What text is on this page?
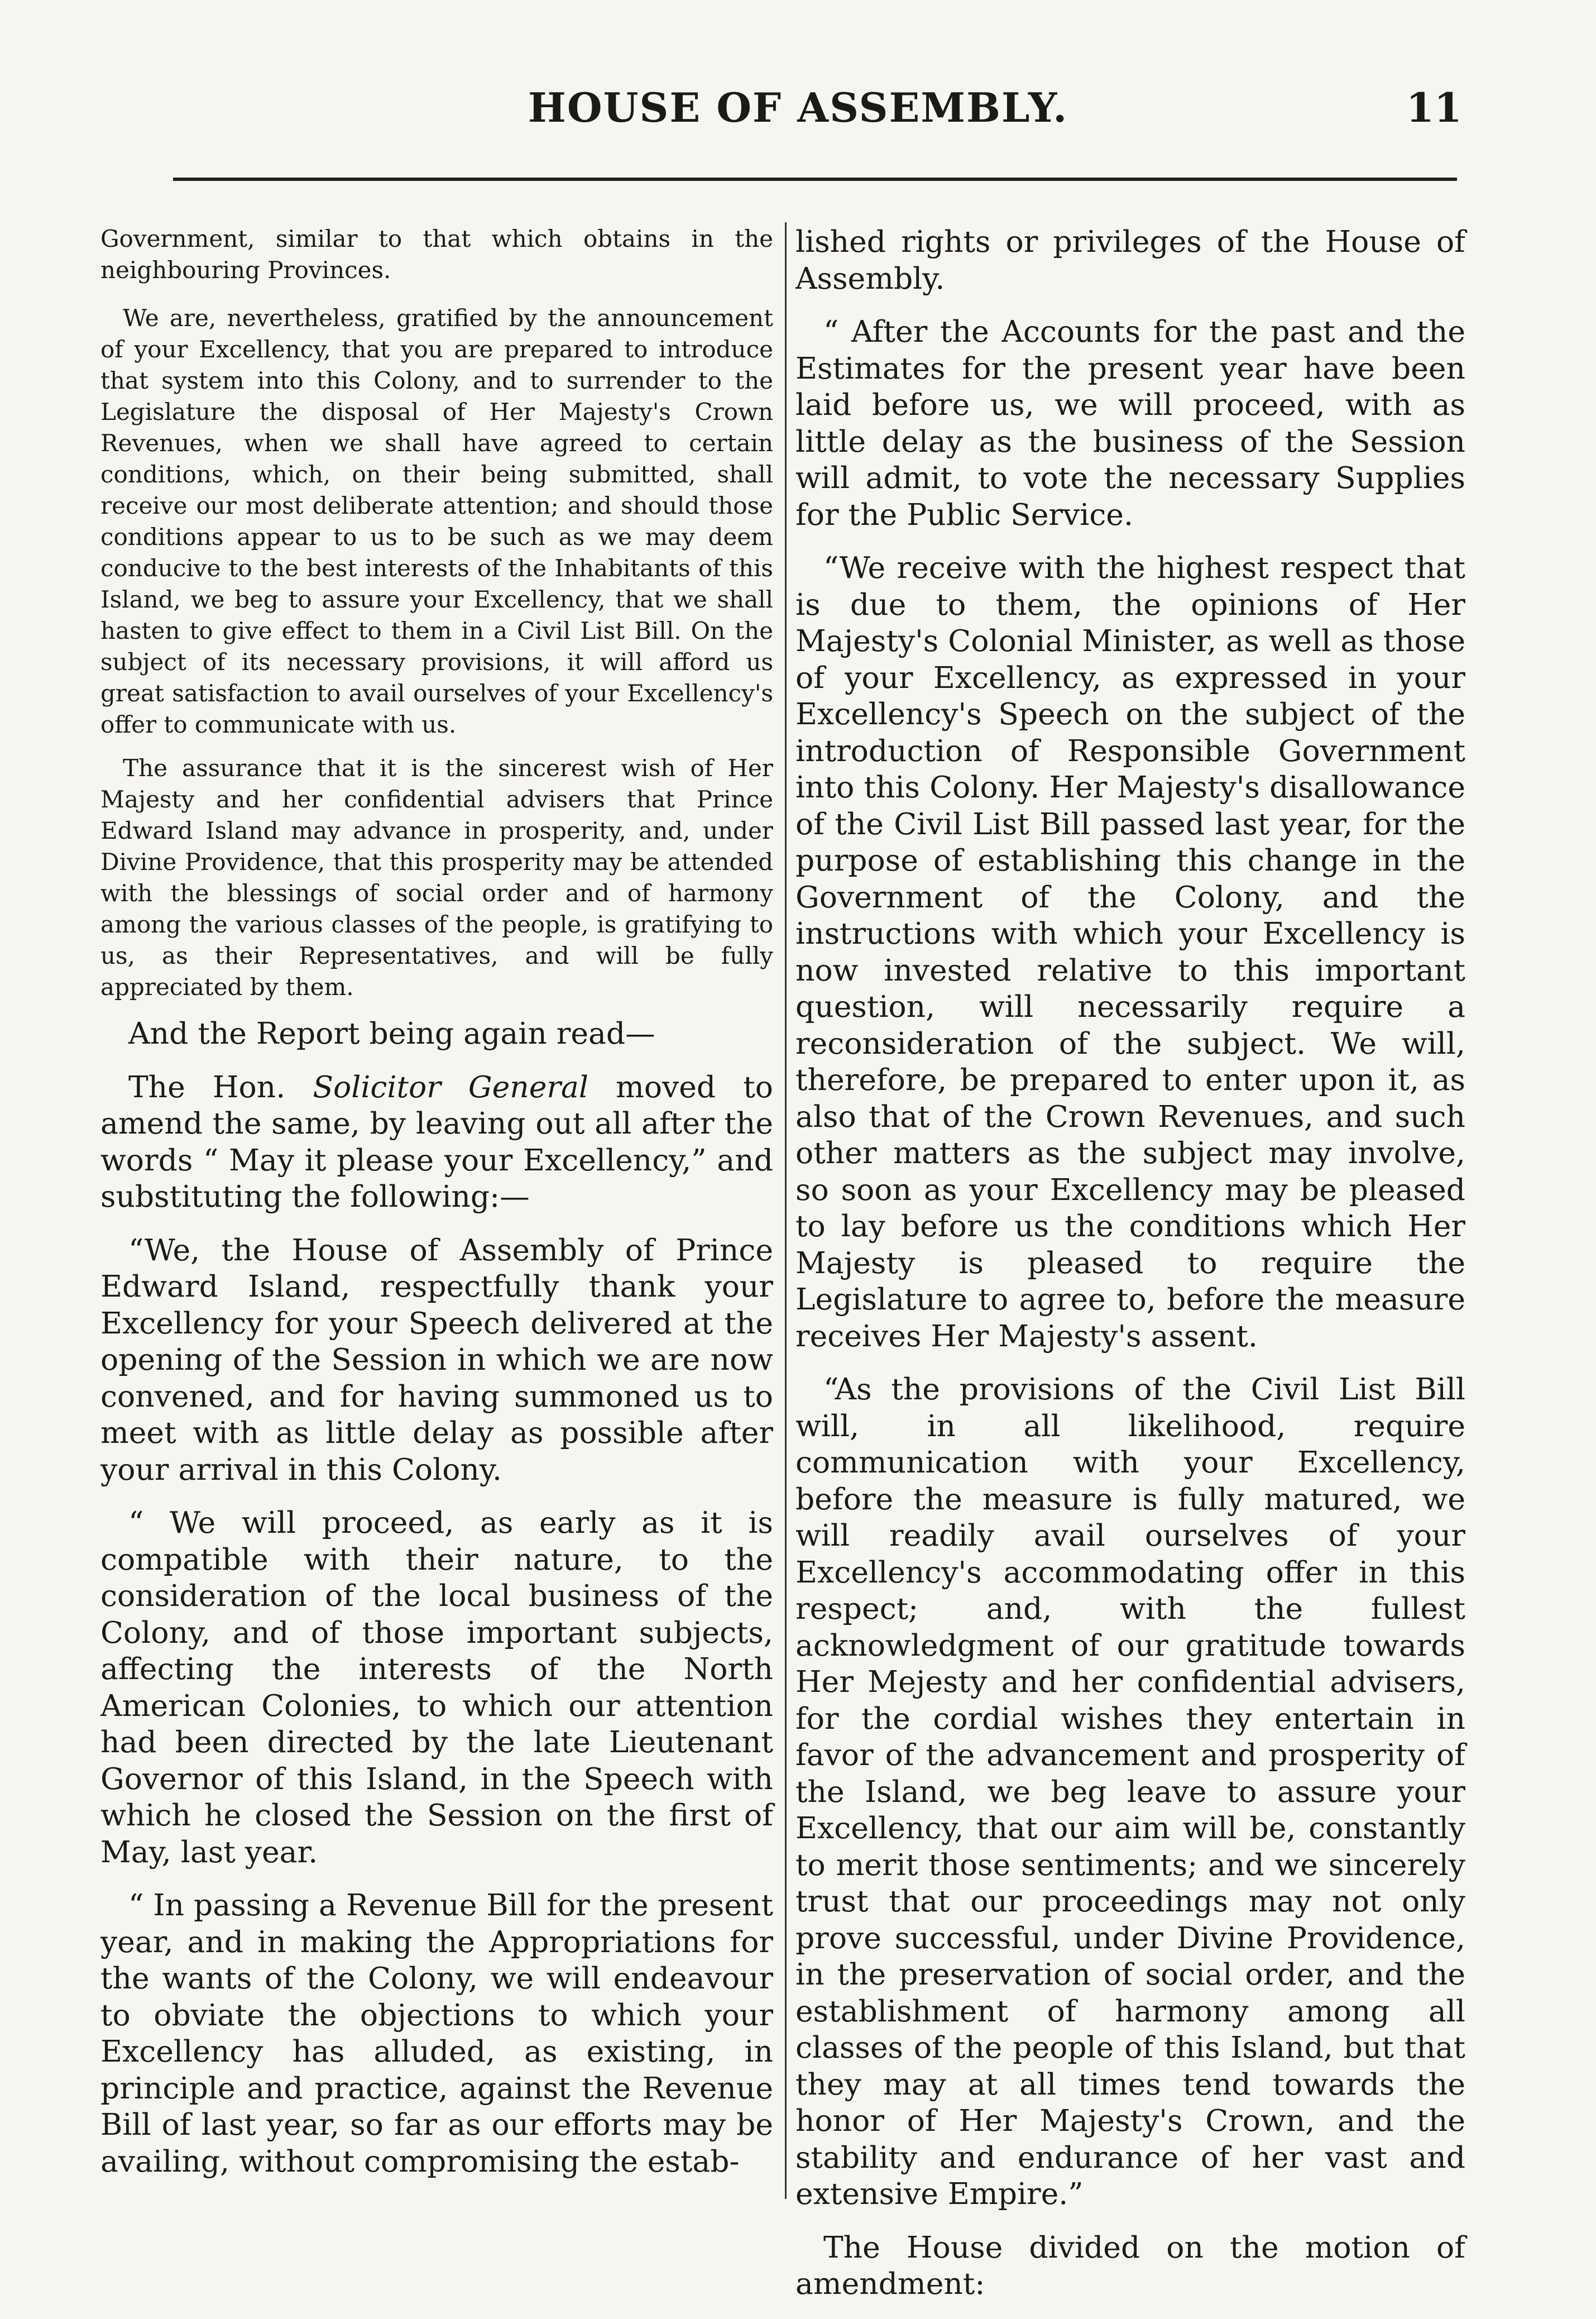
HOUSE OF ASSEMBLY.	11

Government, similar to that which obtains in the neighbouring Provinces.

We are, nevertheless, gratified by the announcement of your Excellency, that you are prepared to introduce that system into this Colony, and to surrender to the Legislature the disposal of Her Majesty's Crown Revenues, when we shall have agreed to certain conditions, which, on their being submitted, shall receive our most deliberate attention; and should those conditions appear to us to be such as we may deem conducive to the best interests of the Inhabitants of this Island, we beg to assure your Excellency, that we shall hasten to give effect to them in a Civil List Bill. On the subject of its necessary provisions, it will afford us great satisfaction to avail ourselves of your Excellency's offer to communicate with us.

The assurance that it is the sincerest wish of Her Majesty and her confidential advisers that Prince Edward Island may advance in prosperity, and, under Divine Providence, that this prosperity may be attended with the blessings of social order and of harmony among the various classes of the people, is gratifying to us, as their Representatives, and will be fully appreciated by them.

And the Report being again read—

The Hon. Solicitor General moved to amend the same, by leaving out all after the words “ May it please your Excellency,” and substituting the following:—

“We, the House of Assembly of Prince Edward Island, respectfully thank your Excellency for your Speech delivered at the opening of the Session in which we are now convened, and for having summoned us to meet with as little delay as possible after your arrival in this Colony.

“ We will proceed, as early as it is compatible with their nature, to the consideration of the local business of the Colony, and of those important subjects, affecting the interests of the North American Colonies, to which our attention had been directed by the late Lieutenant Governor of this Island, in the Speech with which he closed the Session on the first of May, last year.

“ In passing a Revenue Bill for the present year, and in making the Appropriations for the wants of the Colony, we will endeavour to obviate the objections to which your Excellency has alluded, as existing, in principle and practice, against the Revenue Bill of last year, so far as our efforts may be availing, without compromising the estab-

lished rights or privileges of the House of Assembly.

“ After the Accounts for the past and the Estimates for the present year have been laid before us, we will proceed, with as little delay as the business of the Session will admit, to vote the necessary Supplies for the Public Service.

“We receive with the highest respect that is due to them, the opinions of Her Majesty's Colonial Minister, as well as those of your Excellency, as expressed in your Excellency's Speech on the subject of the introduction of Responsible Government into this Colony. Her Majesty's disallowance of the Civil List Bill passed last year, for the purpose of establishing this change in the Government of the Colony, and the instructions with which your Excellency is now invested relative to this important question, will necessarily require a reconsideration of the subject. We will, therefore, be prepared to enter upon it, as also that of the Crown Revenues, and such other matters as the subject may involve, so soon as your Excellency may be pleased to lay before us the conditions which Her Majesty is pleased to require the Legislature to agree to, before the measure receives Her Majesty's assent.

“As the provisions of the Civil List Bill will, in all likelihood, require communication with your Excellency, before the measure is fully matured, we will readily avail ourselves of your Excellency's accommodating offer in this respect; and, with the fullest acknowledgment of our gratitude towards Her Mejesty and her confidential advisers, for the cordial wishes they entertain in favor of the advancement and prosperity of the Island, we beg leave to assure your Excellency, that our aim will be, constantly to merit those sentiments; and we sincerely trust that our proceedings may not only prove successful, under Divine Providence, in the preservation of social order, and the establishment of harmony among all classes of the people of this Island, but that they may at all times tend towards the honor of Her Majesty's Crown, and the stability and endurance of her vast and extensive Empire.”

The House divided on the motion of amendment:
